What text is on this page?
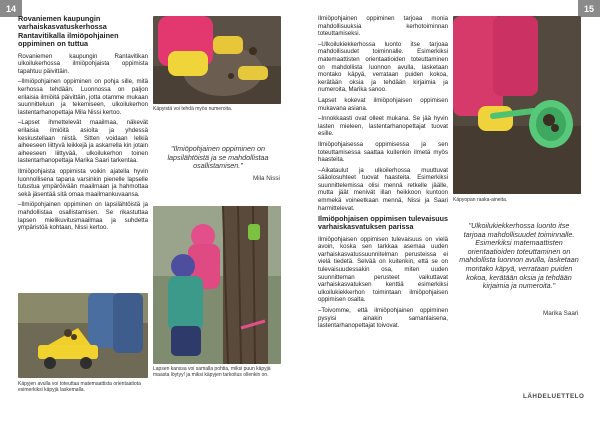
14	15
Rovaniemen kaupungin varhaiskasvatuskerhossa Rantavitikalla ilmiöpohjainen oppiminen on tuttua

Rovaniemen kaupungin Rantavitikan ulkoilukerhossa ilmiöpohjaista oppimista tapahtuu päivittäin.

–Ilmiöpohjainen oppiminen on pohja sille, mitä kerhossa tehdään. Luonnossa on paljon erilaisia ilmiöitä päivittäin, jotta otamme mukaan suunnitteluun ja tekemiseen, ulkoilukerhon lastentarhanopettaja Mila Nissi kertoo.

–Lapset ihmettelevät maailmaa, näkevät erilaisia ilmiöitä asioita ja yhdessä keskustellaan niistä. Sitten voidaan lelkiä aiheeseen liittyvä leikkejä ja askarrella kin jotain aiheeseen liittyvää, ulkoilukerhon toinen lastentarhanopettaja Marika Saari tarkentaa.

Ilmiöpohjaista oppimista voikin ajatella hyvin luonnollisena tapana varsinkin pienelle lapselle tutustua ympäröivään maailmaan ja hahmottaa sekä jäsentää sitä omaa maailmankuvaansa.

–Ilmiöpohjainen oppiminen on lapsilähtöistä ja mahdollistaa osallistamisen. Se rikastuttaa lapsen mielikuvitusmaailmaa ja suhdetta ympäristöä kohtaan, Nissi kertoo.

Käpyistä voi tehdä myös numeroita.
"Ilmiöpohjainen oppiminen on lapsilähtöistä ja se mahdollistaa osallistamisen."
Mila Nissi
Lapsen kanssa voi samalla pohtia, miksi puun käpyjä maasta löytyy! ja miksi käpyjen tarkoitus ollenkin on.
Käpyjen avulla voi toteuttaa matemaattista orientaatiota esimerkiksi käpyjä laskemalla.

Ilmiöpohjainen oppiminen tarjoaa monia mahdollisuuksia kerhotoiminnan toteuttamiseksi.

–Ulkoilukiekkerhossa luonto itse tarjoaa mahdollisuudet toiminnalle. Esimerkiksi matemaattisten orientaatioiden toteuttaminen on mahdollista luonnon avulla, lasketaan montako käpyä, verrataan puiden kokoa, kerätään oksia ja tehdään kirjaimia ja numeroita, Marika sanoo.

Lapset kokevat ilmiöpohjaisen oppimisen mukavana asiana.

–Innokkaasti ovat olleet mukana. Se jää hyvin lasten mieleen, lastentarhanopettajat tuovat esille.

Ilmiöpohjaisessa oppimisessa ja sen toteuttamisessa saattaa kuitenkin ilmetä myös haasteita.

–Aikataulut ja ulkoilerhossa muuttuvat sääolosuhteet tuovat haasteita. Esimerkiksi suunnittelemissa olisi mennä retkelle jäälle, mutta jäät menivät illan heikkoon kuntoon emmekä voineetkaan mennä, Nissi ja Saari harmittelevat.

Ilmiöpohjaisen oppimisen tulevaisuus varhaiskasvatuksen parissa

Ilmiöpohjaisen oppimisen tulevaisuus on vielä avoin, koska sen tarkkaa asemaa uuden varhaiskasvatussuunnitelman perusteissa ei vielä tiedetä. Selvää on kuitenkin, että se on tulevaisuudessakin osa, miten uuden suunnitteman perusteet vaikuttavat varhaiskasvatuksen kenttiä esimerkiksi ulkoilukiekkerhon toimintaan ilmiöpohjaisen oppimisen osalta.

–Toivomme, että ilmiöpohjainen oppiminen pysyisi ainakin samanlaisena, lastentarhanopettajat toivovat.

Käpyopan raaka-aineita.
"Ulkoilukiekkerhossa luonto itse tarjoaa mahdollisuudet toiminnalle. Esimerkiksi matemaattisten orientaatioiden toteuttaminen on mahdollista luonnon avulla, lasketaan montako käpyä, verrataan puiden kokoa, kerätään oksia ja tehdään kirjaimia ja numeroita."
Marika Saari
LÄHDELUETTELO
